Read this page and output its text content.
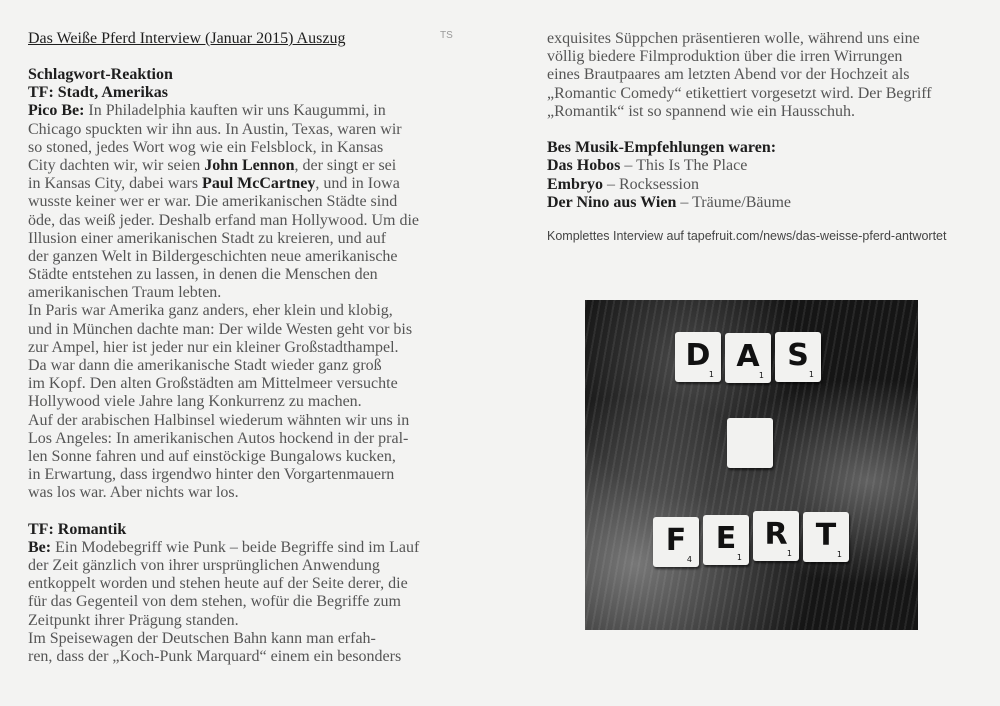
Das Weiße Pferd Interview (Januar 2015) Auszug	TS
Schlagwort-Reaktion
TF: Stadt, Amerikas
Pico Be: In Philadelphia kauften wir uns Kaugummi, in
Chicago spuckten wir ihn aus. In Austin, Texas, waren wir
so stoned, jedes Wort wog wie ein Felsblock, in Kansas
City dachten wir, wir seien John Lennon, der singt er sei
in Kansas City, dabei wars Paul McCartney, und in Iowa
wusste keiner wer er war. Die amerikanischen Städte sind
öde, das weiß jeder. Deshalb erfand man Hollywood. Um die
Illusion einer amerikanischen Stadt zu kreieren, und auf
der ganzen Welt in Bildergeschichten neue amerikanische
Städte entstehen zu lassen, in denen die Menschen den
amerikanischen Traum lebten.
In Paris war Amerika ganz anders, eher klein und klobig,
und in München dachte man: Der wilde Westen geht vor bis
zur Ampel, hier ist jeder nur ein kleiner Großstadthampel.
Da war dann die amerikanische Stadt wieder ganz groß
im Kopf. Den alten Großstädten am Mittelmeer versuchte
Hollywood viele Jahre lang Konkurrenz zu machen.
Auf der arabischen Halbinsel wiederum wähnten wir uns in
Los Angeles: In amerikanischen Autos hockend in der pral-
len Sonne fahren und auf einstöckige Bungalows kucken,
in Erwartung, dass irgendwo hinter den Vorgartenmauern
was los war. Aber nichts war los.
TF: Romantik
Be: Ein Modebegriff wie Punk – beide Begriffe sind im Lauf
der Zeit gänzlich von ihrer ursprünglichen Anwendung
entkoppelt worden und stehen heute auf der Seite derer, die
für das Gegenteil von dem stehen, wofür die Begriffe zum
Zeitpunkt ihrer Prägung standen.
Im Speisewagen der Deutschen Bahn kann man erfah-
ren, dass der „Koch-Punk Marquard“ einem ein besonders
exquisites Süppchen präsentieren wolle, während uns eine
völlig biedere Filmproduktion über die irren Wirrungen
eines Brautpaares am letzten Abend vor der Hochzeit als
„Romantic Comedy“ etikettiert vorgesetzt wird. Der Begriff
„Romantik“ ist so spannend wie ein Hausschuh.
Bes Musik-Empfehlungen waren:
Das Hobos – This Is The Place
Embryo – Rocksession
Der Nino aus Wien – Träume/Bäume
Komplettes Interview auf tapefruit.com/news/das-weisse-pferd-antwortet
D
1
A
1
S
1
F
4
E
1
R
1
T
1
